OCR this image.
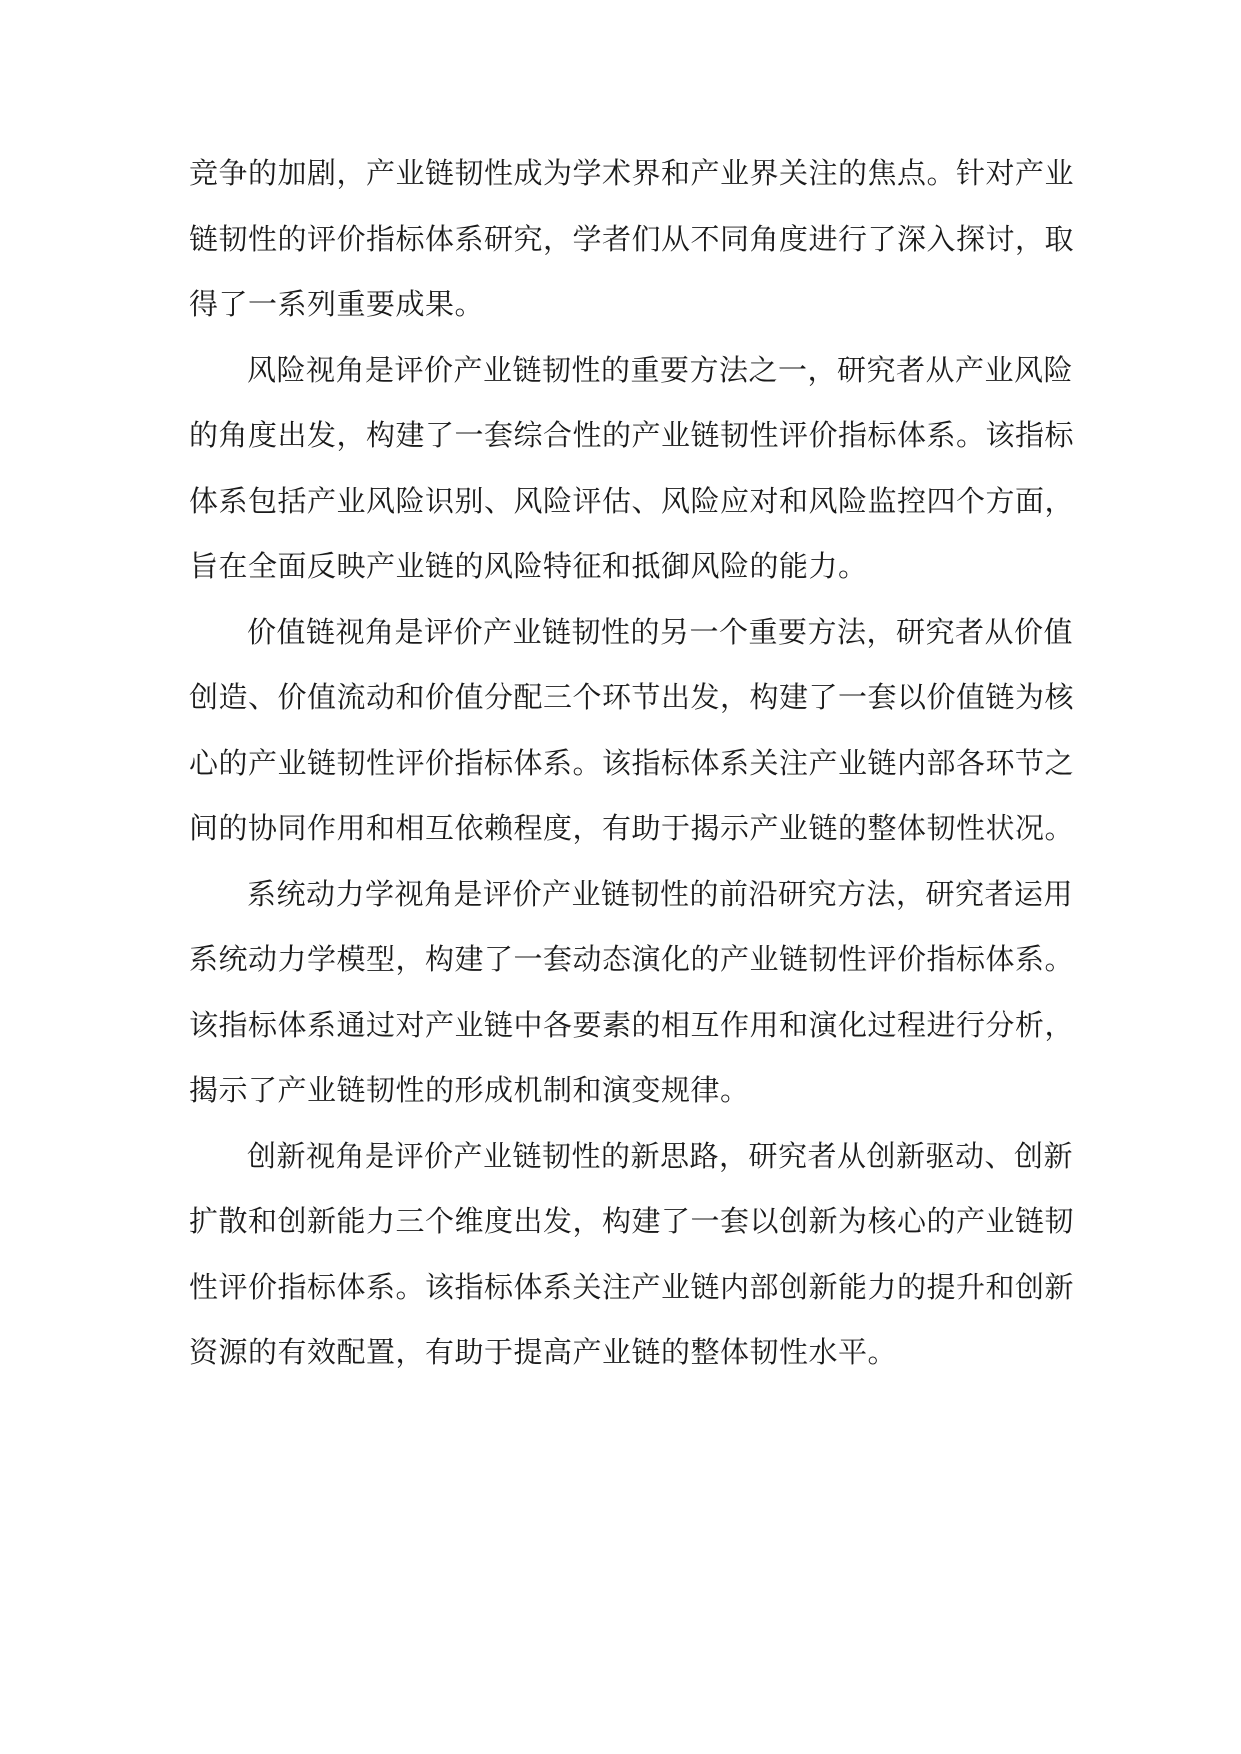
竞争的加剧，产业链韧性成为学术界和产业界关注的焦点。针对产业
链韧性的评价指标体系研究，学者们从不同角度进行了深入探讨，取
得了一系列重要成果。
风险视角是评价产业链韧性的重要方法之一，研究者从产业风险
的角度出发，构建了一套综合性的产业链韧性评价指标体系。该指标
体系包括产业风险识别、风险评估、风险应对和风险监控四个方面，
旨在全面反映产业链的风险特征和抵御风险的能力。
价值链视角是评价产业链韧性的另一个重要方法，研究者从价值
创造、价值流动和价值分配三个环节出发，构建了一套以价值链为核
心的产业链韧性评价指标体系。该指标体系关注产业链内部各环节之
间的协同作用和相互依赖程度，有助于揭示产业链的整体韧性状况。
系统动力学视角是评价产业链韧性的前沿研究方法，研究者运用
系统动力学模型，构建了一套动态演化的产业链韧性评价指标体系。
该指标体系通过对产业链中各要素的相互作用和演化过程进行分析，
揭示了产业链韧性的形成机制和演变规律。
创新视角是评价产业链韧性的新思路，研究者从创新驱动、创新
扩散和创新能力三个维度出发，构建了一套以创新为核心的产业链韧
性评价指标体系。该指标体系关注产业链内部创新能力的提升和创新
资源的有效配置，有助于提高产业链的整体韧性水平。
